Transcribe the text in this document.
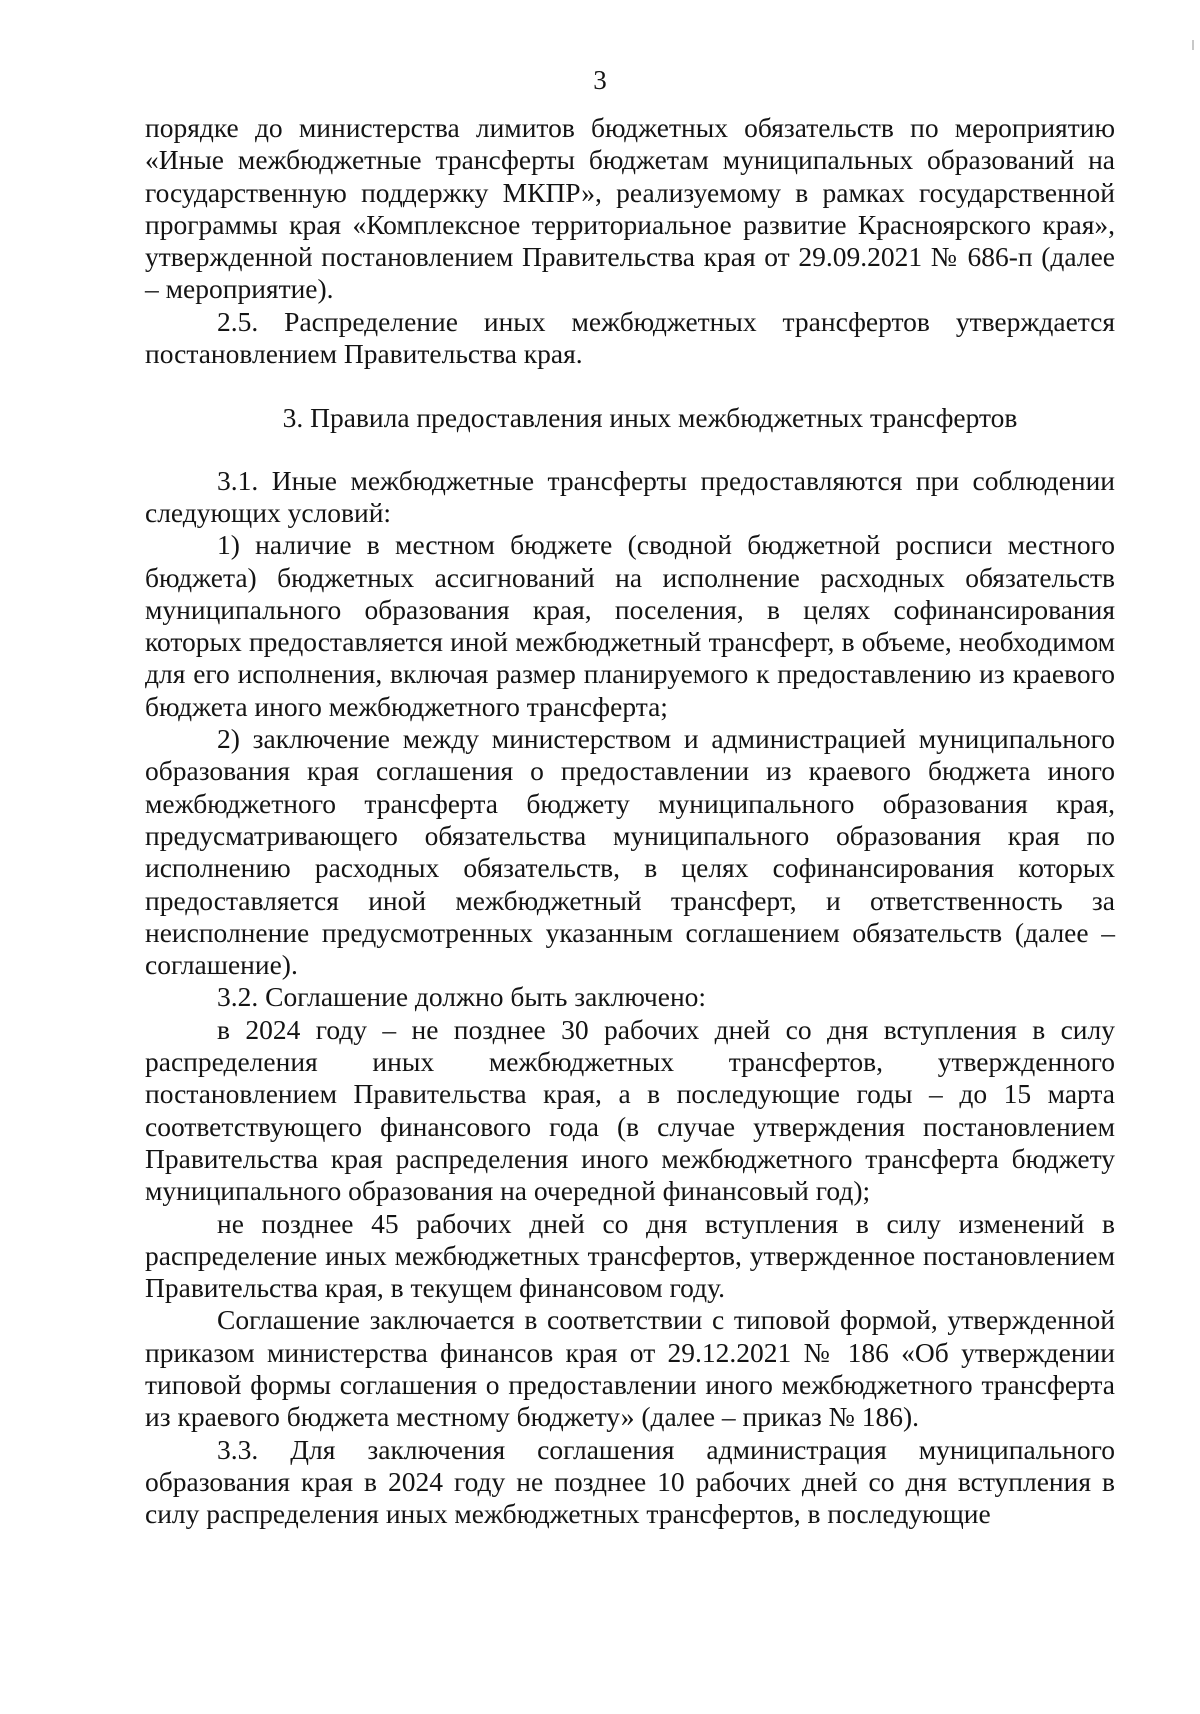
3

порядке до министерства лимитов бюджетных обязательств по мероприятию «Иные межбюджетные трансферты бюджетам муниципальных образований на государственную поддержку МКПР», реализуемому в рамках государственной программы края «Комплексное территориальное развитие Красноярского края», утвержденной постановлением Правительства края от 29.09.2021 № 686-п (далее – мероприятие).

2.5. Распределение иных межбюджетных трансфертов утверждается постановлением Правительства края.

3. Правила предоставления иных межбюджетных трансфертов

3.1. Иные межбюджетные трансферты предоставляются при соблюдении следующих условий:

1) наличие в местном бюджете (сводной бюджетной росписи местного бюджета) бюджетных ассигнований на исполнение расходных обязательств муниципального образования края, поселения, в целях софинансирования которых предоставляется иной межбюджетный трансферт, в объеме, необходимом для его исполнения, включая размер планируемого к предоставлению из краевого бюджета иного межбюджетного трансферта;

2) заключение между министерством и администрацией муниципального образования края соглашения о предоставлении из краевого бюджета иного межбюджетного трансферта бюджету муниципального образования края, предусматривающего обязательства муниципального образования края по исполнению расходных обязательств, в целях софинансирования которых предоставляется иной межбюджетный трансферт, и ответственность за неисполнение предусмотренных указанным соглашением обязательств (далее – соглашение).

3.2. Соглашение должно быть заключено:

в 2024 году – не позднее 30 рабочих дней со дня вступления в силу распределения иных межбюджетных трансфертов, утвержденного постановлением Правительства края, а в последующие годы – до 15 марта соответствующего финансового года (в случае утверждения постановлением Правительства края распределения иного межбюджетного трансферта бюджету муниципального образования на очередной финансовый год);

не позднее 45 рабочих дней со дня вступления в силу изменений в распределение иных межбюджетных трансфертов, утвержденное постановлением Правительства края, в текущем финансовом году.

Соглашение заключается в соответствии с типовой формой, утвержденной приказом министерства финансов края от 29.12.2021 № 186 «Об утверждении типовой формы соглашения о предоставлении иного межбюджетного трансферта из краевого бюджета местному бюджету» (далее – приказ № 186).

3.3. Для заключения соглашения администрация муниципального образования края в 2024 году не позднее 10 рабочих дней со дня вступления в силу распределения иных межбюджетных трансфертов, в последующие
